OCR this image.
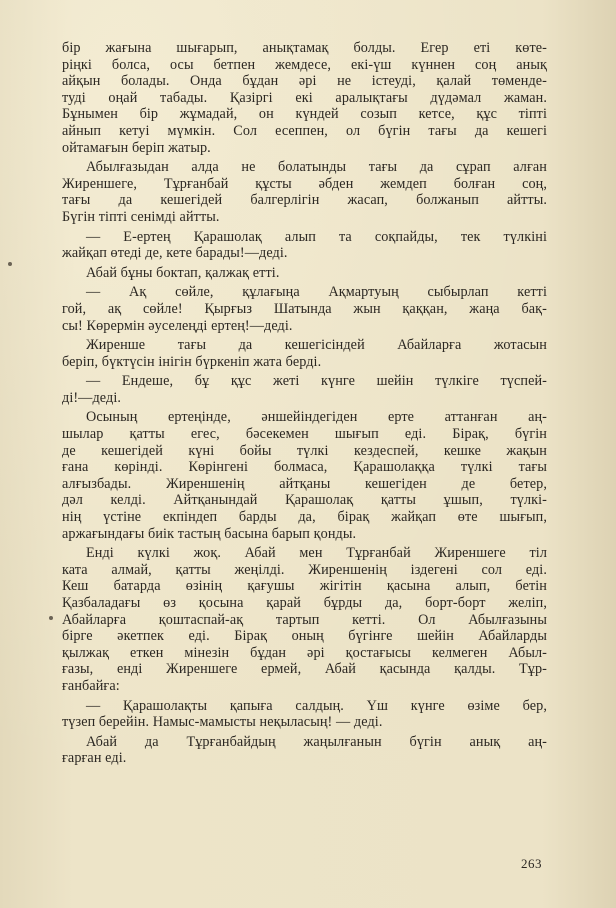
бір жағына шығарып, анықтамақ болды. Егер еті көте-
ріңкі болса, осы бетпен жемдесе, екі-үш күннен соң анық
айқын болады. Онда бұдан әрі не істеуді, қалай төменде-
туді оңай табады. Қазіргі екі аралықтағы дүдәмал жаман.
Бұнымен бір жұмадай, он күндей созып кетсе, құс тіпті
айнып кетуі мүмкін. Сол есеппен, ол бүгін тағы да кешегі
ойтамағын беріп жатыр.
Абылғазыдан алда не болатынды тағы да сұрап алған
Жиреншеге, Тұрғанбай құсты әбден жемдеп болған соң,
тағы да кешегідей балгерлігін жасап, болжанып айтты.
Бүгін тіпті сенімді айтты.
— Е-ертең Қарашолақ алып та соқпайды, тек түлкіні
жайқап өтеді де, кете барады!—деді.
Абай бұны боктап, қалжақ етті.
— Ақ сөйле, құлағыңа Ақмартуың сыбырлап кетті
гой, ақ сөйле! Қырғыз Шатында жын қаққан, жаңа бақ-
сы! Көрермін әуселеңді ертең!—деді.
Жиреншe тағы да кешегісіндей Абайларға жотасын
беріп, бүктүсін інігін бүркеніп жата берді.
— Ендеше, бұ құс жеті күнге шейін түлкіге түспей-
ді!—деді.
Осының ертеңінде, әншейіндегіден ерте аттанған аң-
шылар қатты егес, бәсекемен шығып еді. Бірақ, бүгін
де кешегідей күні бойы түлкі кездеспей, кешке жақын
ғана көрінді. Көрінгені болмаса, Қарашолаққа түлкі тағы
алғызбады. Жиреншенің айтқаны кешегіден де бетер,
дәл келді. Айтқанындай Қарашолақ қатты ұшып, түлкі-
нің үстіне екпіндеп барды да, бірақ жайқап өте шығып,
аржағындағы биік тастың басына барып қонды.
Енді күлкі жоқ. Абай мен Тұрғанбай Жиреншеге тіл
ката алмай, қатты жеңілді. Жиреншенің іздегені сол еді.
Кеш батарда өзінің қағушы жігітін қасына алып, бетін
Қазбаладағы өз қосына қарай бұрды да, борт-борт желіп,
Абайларға қоштаспай-ақ тартып кетті. Ол Абылғазыны
бірге әкетпек еді. Бірақ оның бүгінге шейін Абайларды
қылжақ еткен мінезін бұдан әрі қостағысы келмеген Абыл-
ғазы, енді Жиреншеге ермей, Абай қасында қалды. Тұр-
ғанбайға:
— Қарашолақты қапыға салдың. Үш күнге өзіме бер,
түзеп берейін. Намыс-мамысты неқыласың! — деді.
Абай да Тұрғанбайдың жаңылғанын бүгін анық аң-
ғарған еді.
263
